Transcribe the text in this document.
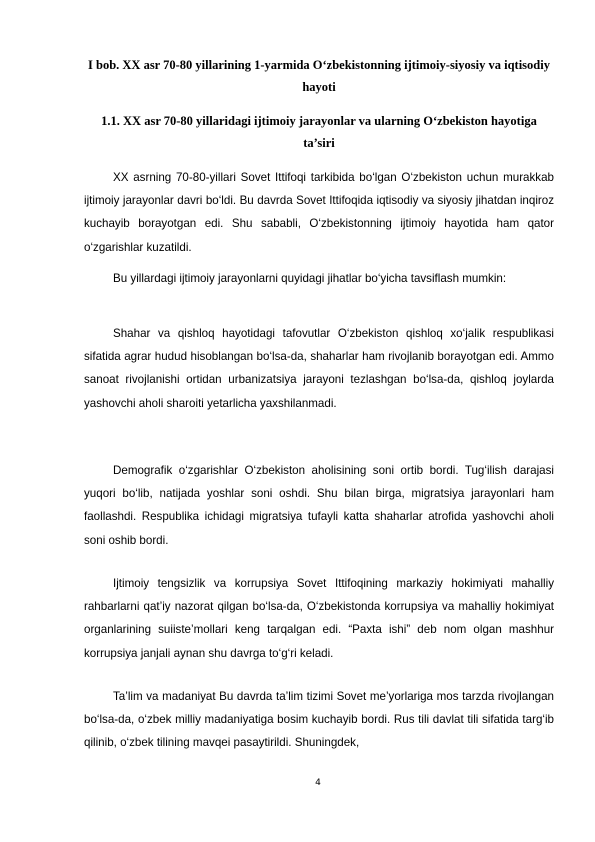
I bob. XX asr 70-80 yillarining 1-yarmida O‘zbekistonning ijtimoiy-siyosiy va iqtisodiy hayoti
1.1. XX asr 70-80 yillaridagi ijtimoiy jarayonlar va ularning O‘zbekiston hayotiga ta’siri

XX asrning 70-80-yillari Sovet Ittifoqi tarkibida bo‘lgan O‘zbekiston uchun murakkab ijtimoiy jarayonlar davri bo‘ldi. Bu davrda Sovet Ittifoqida iqtisodiy va siyosiy jihatdan inqiroz kuchayib borayotgan edi. Shu sababli, O‘zbekistonning ijtimoiy hayotida ham qator o‘zgarishlar kuzatildi.

Bu yillardagi ijtimoiy jarayonlarni quyidagi jihatlar bo‘yicha tavsiflash mumkin:

Shahar va qishloq hayotidagi tafovutlar O‘zbekiston qishloq xo‘jalik respublikasi sifatida agrar hudud hisoblangan bo‘lsa-da, shaharlar ham rivojlanib borayotgan edi. Ammo sanoat rivojlanishi ortidan urbanizatsiya jarayoni tezlashgan bo‘lsa-da, qishloq joylarda yashovchi aholi sharoiti yetarlicha yaxshilanmadi.

Demografik o‘zgarishlar O‘zbekiston aholisining soni ortib bordi. Tug‘ilish darajasi yuqori bo‘lib, natijada yoshlar soni oshdi. Shu bilan birga, migratsiya jarayonlari ham faollashdi. Respublika ichidagi migratsiya tufayli katta shaharlar atrofida yashovchi aholi soni oshib bordi.

Ijtimoiy tengsizlik va korrupsiya Sovet Ittifoqining markaziy hokimiyati mahalliy rahbarlarni qat’iy nazorat qilgan bo‘lsa-da, O‘zbekistonda korrupsiya va mahalliy hokimiyat organlarining suiiste’mollari keng tarqalgan edi. “Paxta ishi” deb nom olgan mashhur korrupsiya janjali aynan shu davrga to‘g‘ri keladi.

Ta’lim va madaniyat Bu davrda ta’lim tizimi Sovet me’yorlariga mos tarzda rivojlangan bo‘lsa-da, o‘zbek milliy madaniyatiga bosim kuchayib bordi. Rus tili davlat tili sifatida targ‘ib qilinib, o‘zbek tilining mavqei pasaytirildi. Shuningdek,

4
